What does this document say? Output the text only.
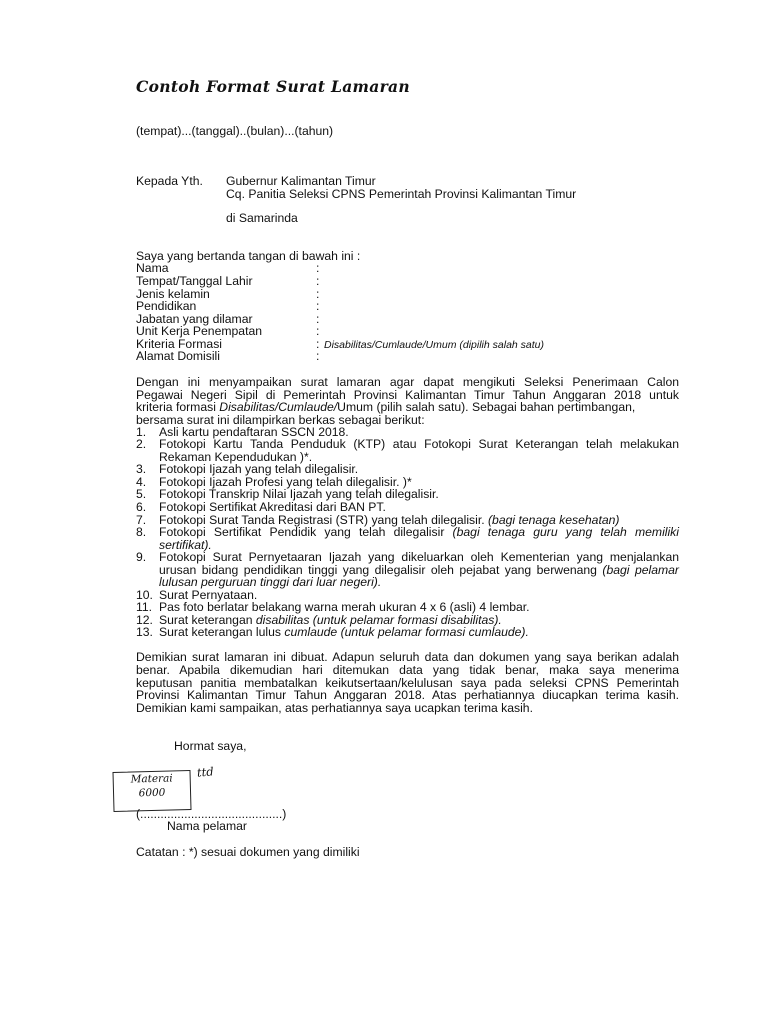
Contoh Format Surat Lamaran
(tempat)...(tanggal)..(bulan)...(tahun)
Kepada Yth. Gubernur Kalimantan Timur
Cq. Panitia Seleksi CPNS Pemerintah Provinsi Kalimantan Timur
di Samarinda
Saya yang bertanda tangan di bawah ini :
Nama	:
Tempat/Tanggal Lahir	:
Jenis kelamin	:
Pendidikan	:
Jabatan yang dilamar	:
Unit Kerja Penempatan	:
Kriteria Formasi	: Disabilitas/Cumlaude/Umum (dipilih salah satu)
Alamat Domisili	:
Dengan ini menyampaikan surat lamaran agar dapat mengikuti Seleksi Penerimaan Calon
Pegawai Negeri Sipil di Pemerintah Provinsi Kalimantan Timur Tahun Anggaran 2018 untuk
kriteria formasi Disabilitas/Cumlaude/Umum (pilih salah satu). Sebagai bahan pertimbangan,
bersama surat ini dilampirkan berkas sebagai berikut:
1.	Asli kartu pendaftaran SSCN 2018.
2.	Fotokopi Kartu Tanda Penduduk (KTP) atau Fotokopi Surat Keterangan telah melakukan
Rekaman Kependudukan )*.
3.	Fotokopi Ijazah yang telah dilegalisir.
4.	Fotokopi Ijazah Profesi yang telah dilegalisir. )*
5.	Fotokopi Transkrip Nilai Ijazah yang telah dilegalisir.
6.	Fotokopi Sertifikat Akreditasi dari BAN PT.
7.	Fotokopi Surat Tanda Registrasi (STR) yang telah dilegalisir. (bagi tenaga kesehatan)
8.	Fotokopi Sertifikat Pendidik yang telah dilegalisir (bagi tenaga guru yang telah memiliki
sertifikat).
9.	Fotokopi Surat Pernyetaaran Ijazah yang dikeluarkan oleh Kementerian yang menjalankan
urusan bidang pendidikan tinggi yang dilegalisir oleh pejabat yang berwenang (bagi pelamar
lulusan perguruan tinggi dari luar negeri).
10. Surat Pernyataan.
11. Pas foto berlatar belakang warna merah ukuran 4 x 6 (asli) 4 lembar.
12. Surat keterangan disabilitas (untuk pelamar formasi disabilitas).
13. Surat keterangan lulus cumlaude (untuk pelamar formasi cumlaude).
Demikian surat lamaran ini dibuat. Adapun seluruh data dan dokumen yang saya berikan adalah
benar. Apabila dikemudian hari ditemukan data yang tidak benar, maka saya menerima
keputusan panitia membatalkan keikutsertaan/kelulusan saya pada seleksi CPNS Pemerintah
Provinsi Kalimantan Timur Tahun Anggaran 2018. Atas perhatiannya diucapkan terima kasih.
Demikian kami sampaikan, atas perhatiannya saya ucapkan terima kasih.
Hormat saya,
ttd
Materai
6000
(..........................................)
Nama pelamar
Catatan : *) sesuai dokumen yang dimiliki
